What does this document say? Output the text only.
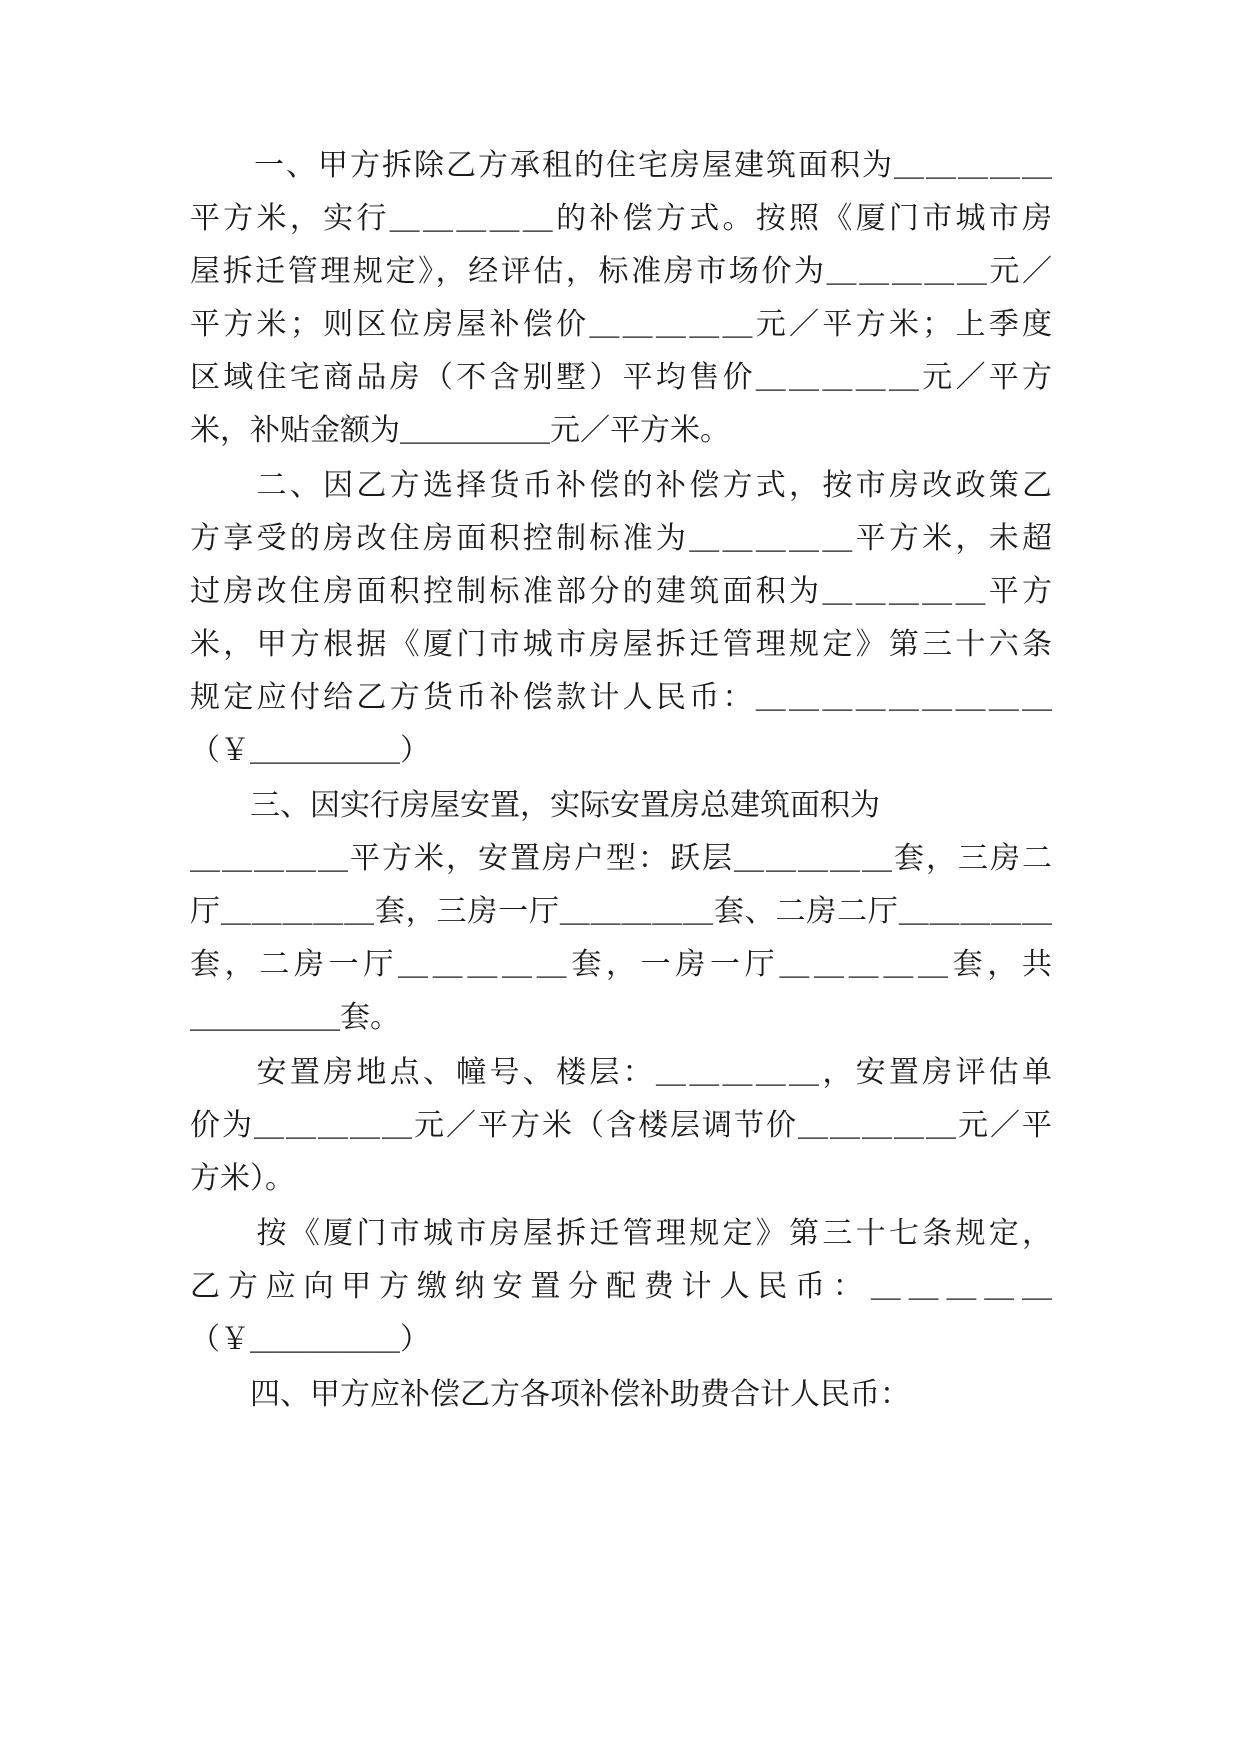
　　一、甲方拆除乙方承租的住宅房屋建筑面积为＿＿＿＿＿
平方米，实行＿＿＿＿＿的补偿方式。按照《厦门市城市房
屋拆迁管理规定》，经评估，标准房市场价为＿＿＿＿＿元／
平方米；则区位房屋补偿价＿＿＿＿＿元／平方米；上季度
区域住宅商品房（不含别墅）平均售价＿＿＿＿＿元／平方
米，补贴金额为＿＿＿＿＿元／平方米。
　　二、因乙方选择货币补偿的补偿方式，按市房改政策乙
方享受的房改住房面积控制标准为＿＿＿＿＿平方米，未超
过房改住房面积控制标准部分的建筑面积为＿＿＿＿＿平方
米，甲方根据《厦门市城市房屋拆迁管理规定》第三十六条
规定应付给乙方货币补偿款计人民币：＿＿＿＿＿＿＿＿＿
（￥＿＿＿＿＿）
　　三、因实行房屋安置，实际安置房总建筑面积为
＿＿＿＿＿平方米，安置房户型：跃层＿＿＿＿＿套，三房二
厅＿＿＿＿＿套，三房一厅＿＿＿＿＿套、二房二厅＿＿＿＿＿
套，二房一厅＿＿＿＿＿套，一房一厅＿＿＿＿＿套，共
＿＿＿＿＿套。
　　安置房地点、幢号、楼层：＿＿＿＿＿，安置房评估单
价为＿＿＿＿＿元／平方米（含楼层调节价＿＿＿＿＿元／平
方米）。
　　按《厦门市城市房屋拆迁管理规定》第三十七条规定，
乙方应向甲方缴纳安置分配费计人民币：＿＿＿＿＿
（￥＿＿＿＿＿）
　　四、甲方应补偿乙方各项补偿补助费合计人民币：
